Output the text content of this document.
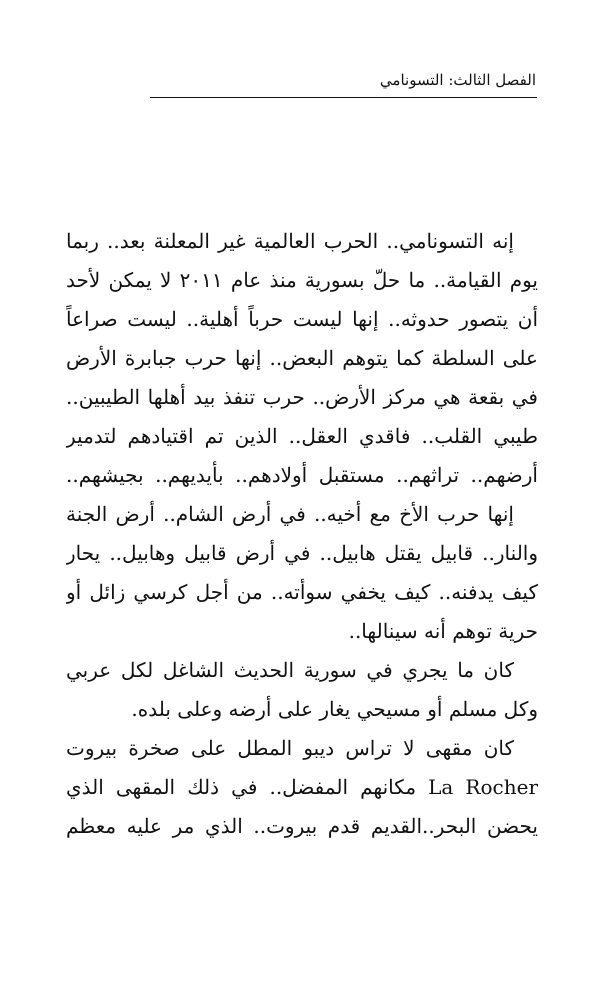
الفصل الثالث: التسونامي
إنه التسونامي.. الحرب العالمية غير المعلنة بعد.. ربما
يوم القيامة.. ما حلّ بسورية منذ عام ٢٠١١ لا يمكن لأحد
أن يتصور حدوثه.. إنها ليست حرباً أهلية.. ليست صراعاً
على السلطة كما يتوهم البعض.. إنها حرب جبابرة الأرض
في بقعة هي مركز الأرض.. حرب تنفذ بيد أهلها الطيبين..
طيبي القلب.. فاقدي العقل.. الذين تم اقتيادهم لتدمير
أرضهم.. تراثهم.. مستقبل أولادهم.. بأيديهم.. بجيشهم..
إنها حرب الأخ مع أخيه.. في أرض الشام.. أرض الجنة
والنار.. قابيل يقتل هابيل.. في أرض قابيل وهابيل.. يحار
كيف يدفنه.. كيف يخفي سوأته.. من أجل كرسي زائل أو
حرية توهم أنه سينالها..
كان ما يجري في سورية الحديث الشاغل لكل عربي
وكل مسلم أو مسيحي يغار على أرضه وعلى بلده.
كان مقهى لا تراس ديبو المطل على صخرة بيروت
La Rocher مكانهم المفضل.. في ذلك المقهى الذي
يحضن البحر..القديم قدم بيروت.. الذي مر عليه معظم
